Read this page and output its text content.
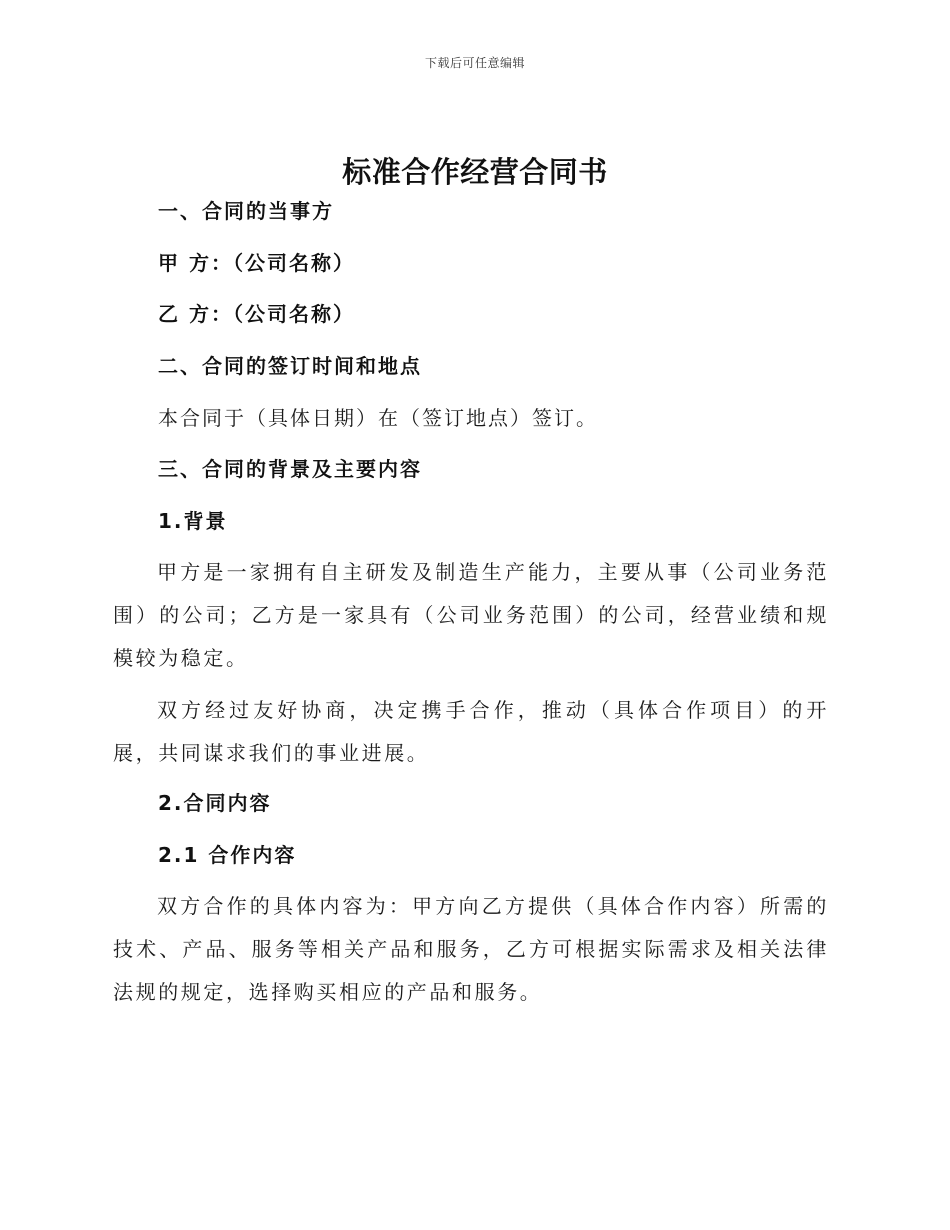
下载后可任意编辑
标准合作经营合同书
一、合同的当事方
甲 方：（公司名称）
乙 方：（公司名称）
二、合同的签订时间和地点
本合同于（具体日期）在（签订地点）签订。
三、合同的背景及主要内容
1.背景
甲方是一家拥有自主研发及制造生产能力，主要从事（公司业务范围）的公司；乙方是一家具有（公司业务范围）的公司，经营业绩和规模较为稳定。
双方经过友好协商，决定携手合作，推动（具体合作项目）的开展，共同谋求我们的事业进展。
2.合同内容
2.1 合作内容
双方合作的具体内容为：甲方向乙方提供（具体合作内容）所需的技术、产品、服务等相关产品和服务，乙方可根据实际需求及相关法律法规的规定，选择购买相应的产品和服务。
